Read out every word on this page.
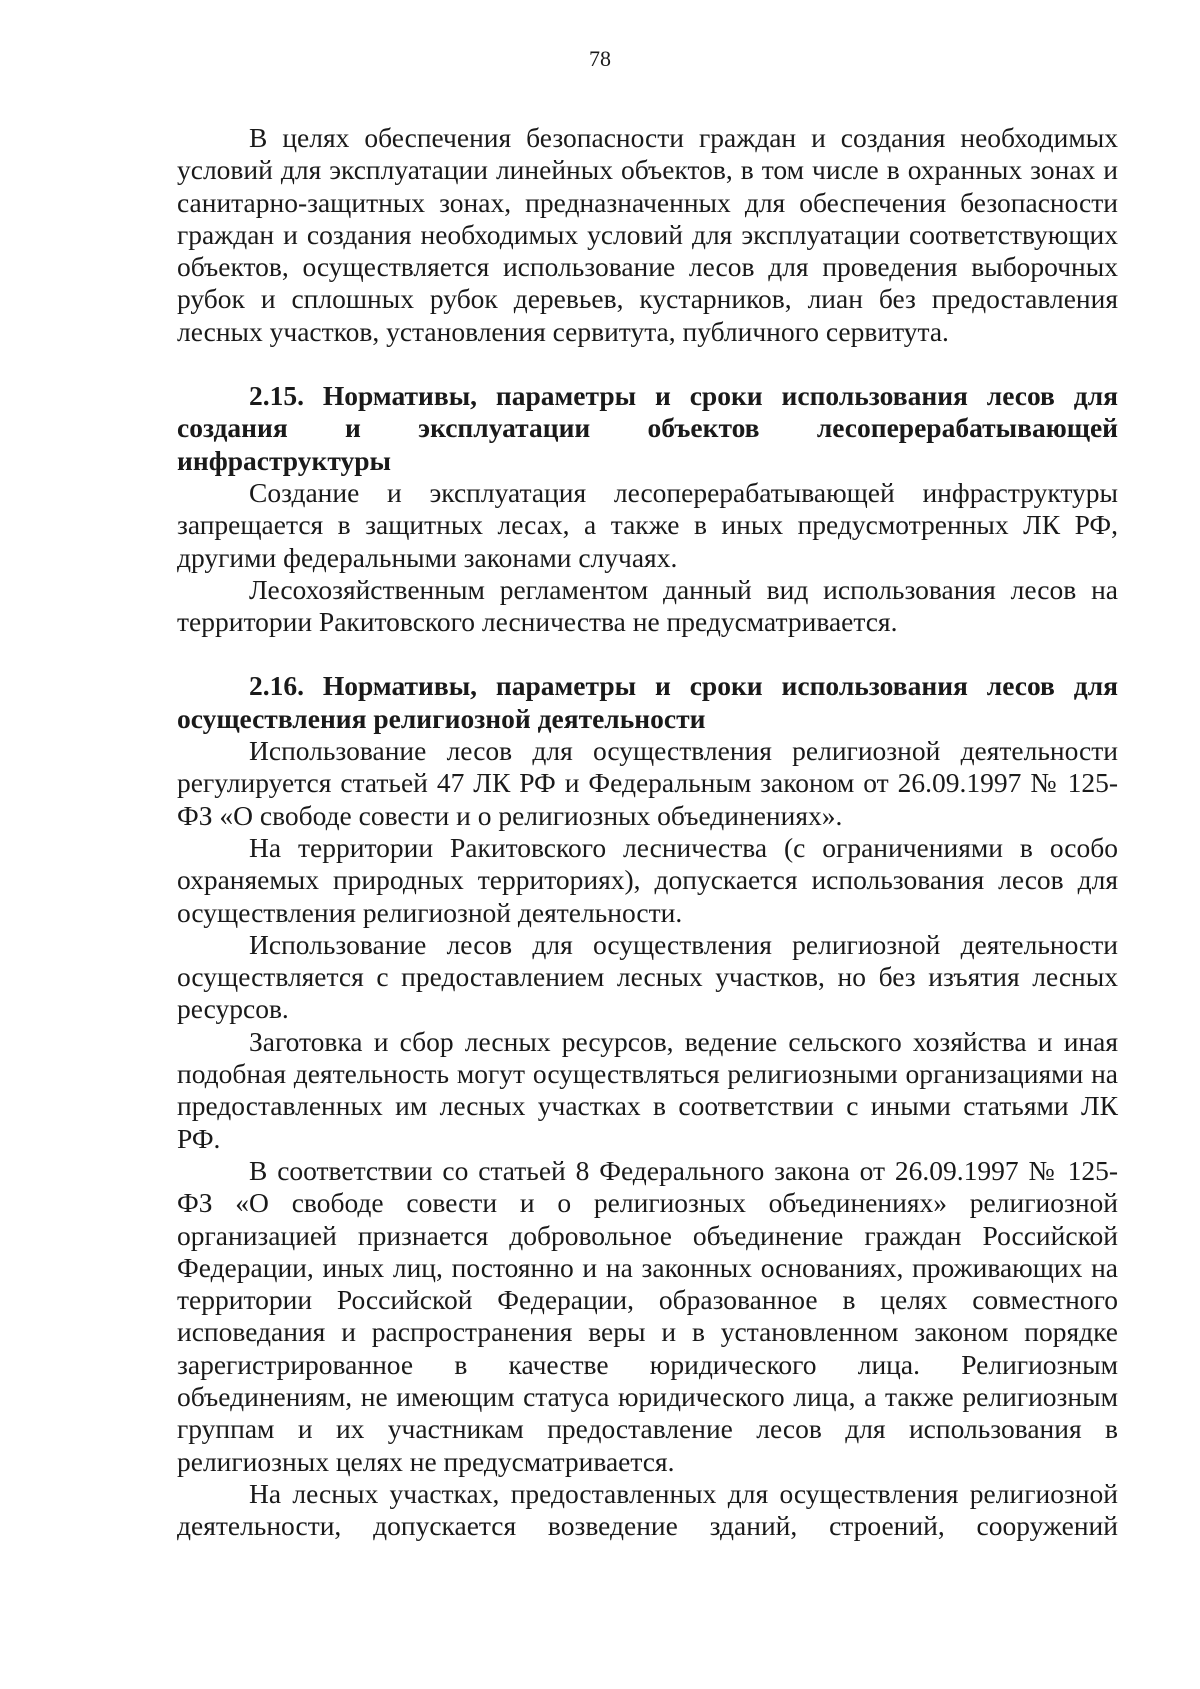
78

В целях обеспечения безопасности граждан и создания необходимых условий для эксплуатации линейных объектов, в том числе в охранных зонах и санитарно-защитных зонах, предназначенных для обеспечения безопасности граждан и создания необходимых условий для эксплуатации соответствующих объектов, осуществляется использование лесов для проведения выборочных рубок и сплошных рубок деревьев, кустарников, лиан без предоставления лесных участков, установления сервитута, публичного сервитута.

2.15. Нормативы, параметры и сроки использования лесов для создания и эксплуатации объектов лесоперерабатывающей инфраструктуры

Создание и эксплуатация лесоперерабатывающей инфраструктуры запрещается в защитных лесах, а также в иных предусмотренных ЛК РФ, другими федеральными законами случаях.

Лесохозяйственным регламентом данный вид использования лесов на территории Ракитовского лесничества не предусматривается.

2.16. Нормативы, параметры и сроки использования лесов для осуществления религиозной деятельности

Использование лесов для осуществления религиозной деятельности регулируется статьей 47 ЛК РФ и Федеральным законом от 26.09.1997 № 125-ФЗ «О свободе совести и о религиозных объединениях».

На территории Ракитовского лесничества (с ограничениями в особо охраняемых природных территориях), допускается использования лесов для осуществления религиозной деятельности.

Использование лесов для осуществления религиозной деятельности осуществляется с предоставлением лесных участков, но без изъятия лесных ресурсов.

Заготовка и сбор лесных ресурсов, ведение сельского хозяйства и иная подобная деятельность могут осуществляться религиозными организациями на предоставленных им лесных участках в соответствии с иными статьями ЛК РФ.

В соответствии со статьей 8 Федерального закона от 26.09.1997 № 125-ФЗ «О свободе совести и о религиозных объединениях» религиозной организацией признается добровольное объединение граждан Российской Федерации, иных лиц, постоянно и на законных основаниях, проживающих на территории Российской Федерации, образованное в целях совместного исповедания и распространения веры и в установленном законом порядке зарегистрированное в качестве юридического лица. Религиозным объединениям, не имеющим статуса юридического лица, а также религиозным группам и их участникам предоставление лесов для использования в религиозных целях не предусматривается.

На лесных участках, предоставленных для осуществления религиозной деятельности, допускается возведение зданий, строений, сооружений
